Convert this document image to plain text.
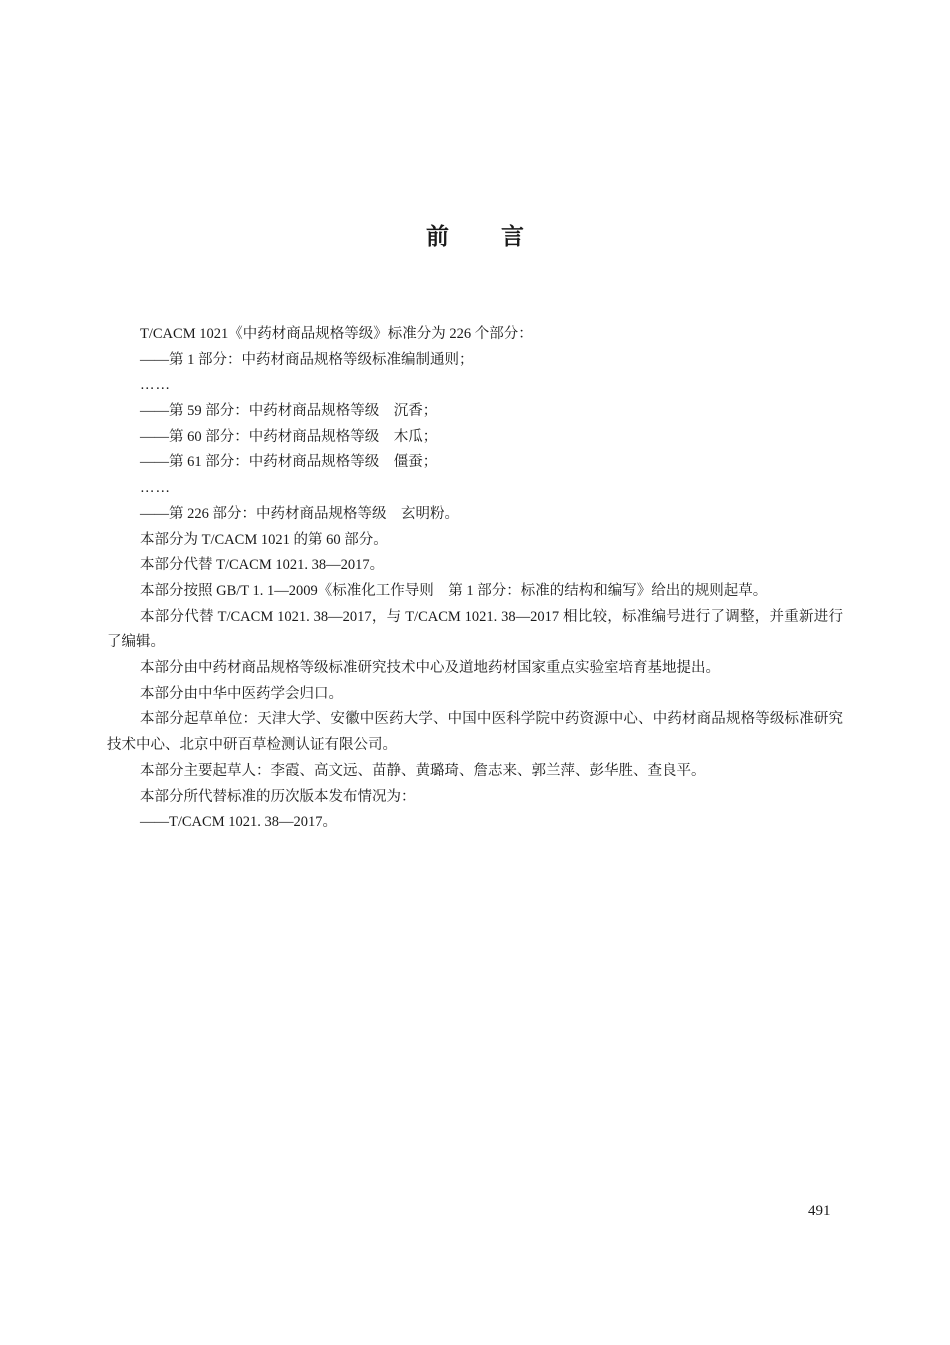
前 言
T/CACM 1021《中药材商品规格等级》标准分为 226 个部分：
——第 1 部分：中药材商品规格等级标准编制通则；
……
——第 59 部分：中药材商品规格等级　沉香；
——第 60 部分：中药材商品规格等级　木瓜；
——第 61 部分：中药材商品规格等级　僵蚕；
……
——第 226 部分：中药材商品规格等级　玄明粉。
本部分为 T/CACM 1021 的第 60 部分。
本部分代替 T/CACM 1021. 38—2017。
本部分按照 GB/T 1. 1—2009《标准化工作导则　第 1 部分：标准的结构和编写》给出的规则起草。
本部分代替 T/CACM 1021. 38—2017，与 T/CACM 1021. 38—2017 相比较，标准编号进行了调整，并重新进行了编辑。
本部分由中药材商品规格等级标准研究技术中心及道地药材国家重点实验室培育基地提出。
本部分由中华中医药学会归口。
本部分起草单位：天津大学、安徽中医药大学、中国中医科学院中药资源中心、中药材商品规格等级标准研究技术中心、北京中研百草检测认证有限公司。
本部分主要起草人：李霞、高文远、苗静、黄璐琦、詹志来、郭兰萍、彭华胜、查良平。
本部分所代替标准的历次版本发布情况为：
——T/CACM 1021. 38—2017。
491
